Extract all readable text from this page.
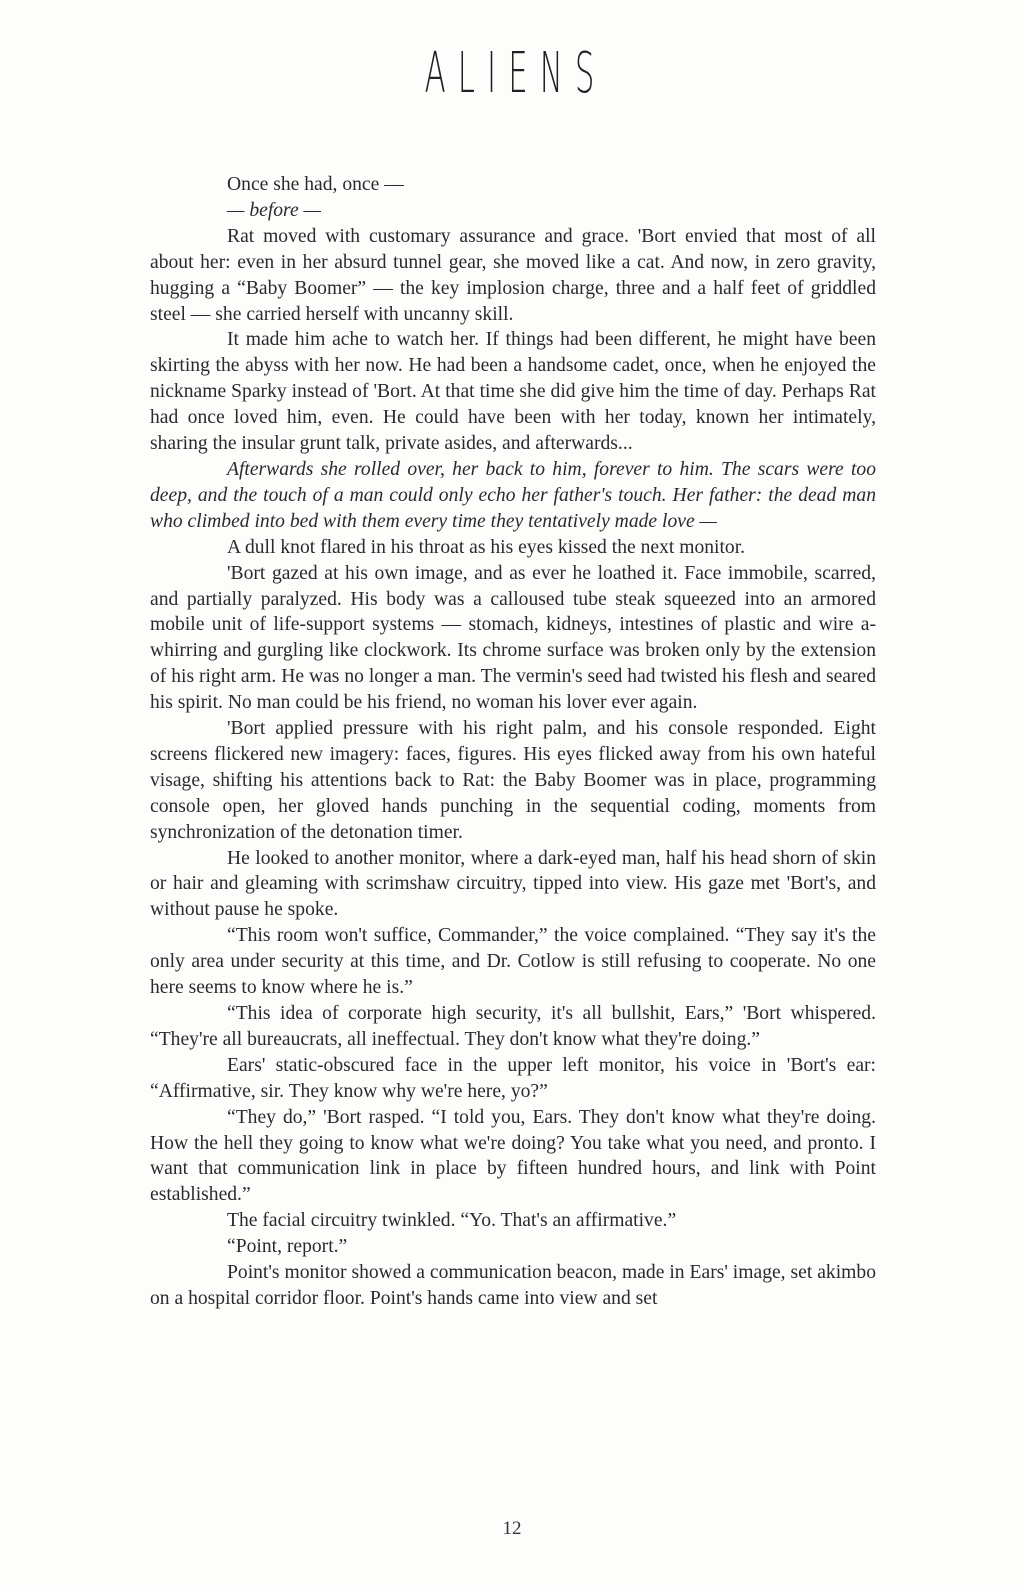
ALIENS

Once she had, once —

— before —

Rat moved with customary assurance and grace. 'Bort envied that most of all about her: even in her absurd tunnel gear, she moved like a cat. And now, in zero gravity, hugging a “Baby Boomer” — the key implosion charge, three and a half feet of griddled steel — she carried herself with uncanny skill.

It made him ache to watch her. If things had been different, he might have been skirting the abyss with her now. He had been a handsome cadet, once, when he enjoyed the nickname Sparky instead of 'Bort. At that time she did give him the time of day. Perhaps Rat had once loved him, even. He could have been with her today, known her intimately, sharing the insular grunt talk, private asides, and afterwards...

Afterwards she rolled over, her back to him, forever to him. The scars were too deep, and the touch of a man could only echo her father's touch. Her father: the dead man who climbed into bed with them every time they tentatively made love —

A dull knot flared in his throat as his eyes kissed the next monitor.

'Bort gazed at his own image, and as ever he loathed it. Face immobile, scarred, and partially paralyzed. His body was a calloused tube steak squeezed into an armored mobile unit of life-support systems — stomach, kidneys, intestines of plastic and wire a-whirring and gurgling like clockwork. Its chrome surface was broken only by the extension of his right arm. He was no longer a man. The vermin's seed had twisted his flesh and seared his spirit. No man could be his friend, no woman his lover ever again.

'Bort applied pressure with his right palm, and his console responded. Eight screens flickered new imagery: faces, figures. His eyes flicked away from his own hateful visage, shifting his attentions back to Rat: the Baby Boomer was in place, programming console open, her gloved hands punching in the sequential coding, moments from synchronization of the detonation timer.

He looked to another monitor, where a dark-eyed man, half his head shorn of skin or hair and gleaming with scrimshaw circuitry, tipped into view. His gaze met 'Bort's, and without pause he spoke.

“This room won't suffice, Commander,” the voice complained. “They say it's the only area under security at this time, and Dr. Cotlow is still refusing to cooperate. No one here seems to know where he is.”

“This idea of corporate high security, it's all bullshit, Ears,” 'Bort whispered. “They're all bureaucrats, all ineffectual. They don't know what they're doing.”

Ears' static-obscured face in the upper left monitor, his voice in 'Bort's ear: “Affirmative, sir. They know why we're here, yo?”

“They do,” 'Bort rasped. “I told you, Ears. They don't know what they're doing. How the hell they going to know what we're doing? You take what you need, and pronto. I want that communication link in place by fifteen hundred hours, and link with Point established.”

The facial circuitry twinkled. “Yo. That's an affirmative.”

“Point, report.”

Point's monitor showed a communication beacon, made in Ears' image, set akimbo on a hospital corridor floor. Point's hands came into view and set

12
